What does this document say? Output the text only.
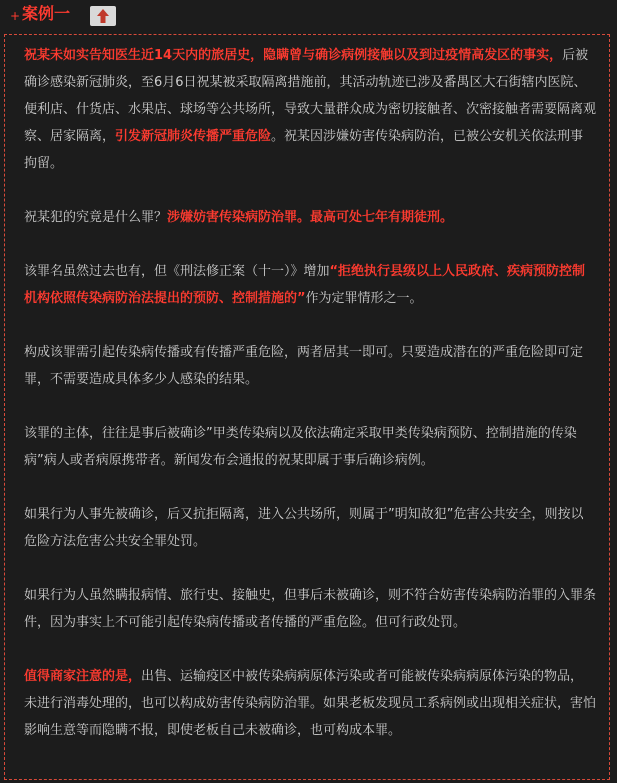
+ 案例一

祝某未如实告知医生近14天内的旅居史，隐瞒曾与确诊病例接触以及到过疫情高发区的事实，后被确诊感染新冠肺炎，至6月6日祝某被采取隔离措施前，其活动轨迹已涉及番禺区大石街辖内医院、便利店、什货店、水果店、球场等公共场所，导致大量群众成为密切接触者、次密接触者需要隔离观察、居家隔离，引发新冠肺炎传播严重危险。祝某因涉嫌妨害传染病防治，已被公安机关依法刑事拘留。

祝某犯的究竟是什么罪？涉嫌妨害传染病防治罪。最高可处七年有期徒刑。

该罪名虽然过去也有，但《刑法修正案（十一）》增加“拒绝执行县级以上人民政府、疾病预防控制机构依照传染病防治法提出的预防、控制措施的”作为定罪情形之一。

构成该罪需引起传染病传播或有传播严重危险，两者居其一即可。只要造成潜在的严重危险即可定罪，不需要造成具体多少人感染的结果。

该罪的主体，往往是事后被确诊”甲类传染病以及依法确定采取甲类传染病预防、控制措施的传染病”病人或者病原携带者。新闻发布会通报的祝某即属于事后确诊病例。

如果行为人事先被确诊，后又抗拒隔离，进入公共场所，则属于”明知故犯”危害公共安全，则按以危险方法危害公共安全罪处罚。

如果行为人虽然瞒报病情、旅行史、接触史，但事后未被确诊，则不符合妨害传染病防治罪的入罪条件，因为事实上不可能引起传染病传播或者传播的严重危险。但可行政处罚。

值得商家注意的是，出售、运输疫区中被传染病病原体污染或者可能被传染病病原体污染的物品，未进行消毒处理的，也可以构成妨害传染病防治罪。如果老板发现员工系病例或出现相关症状，害怕影响生意等而隐瞒不报，即使老板自己未被确诊，也可构成本罪。
